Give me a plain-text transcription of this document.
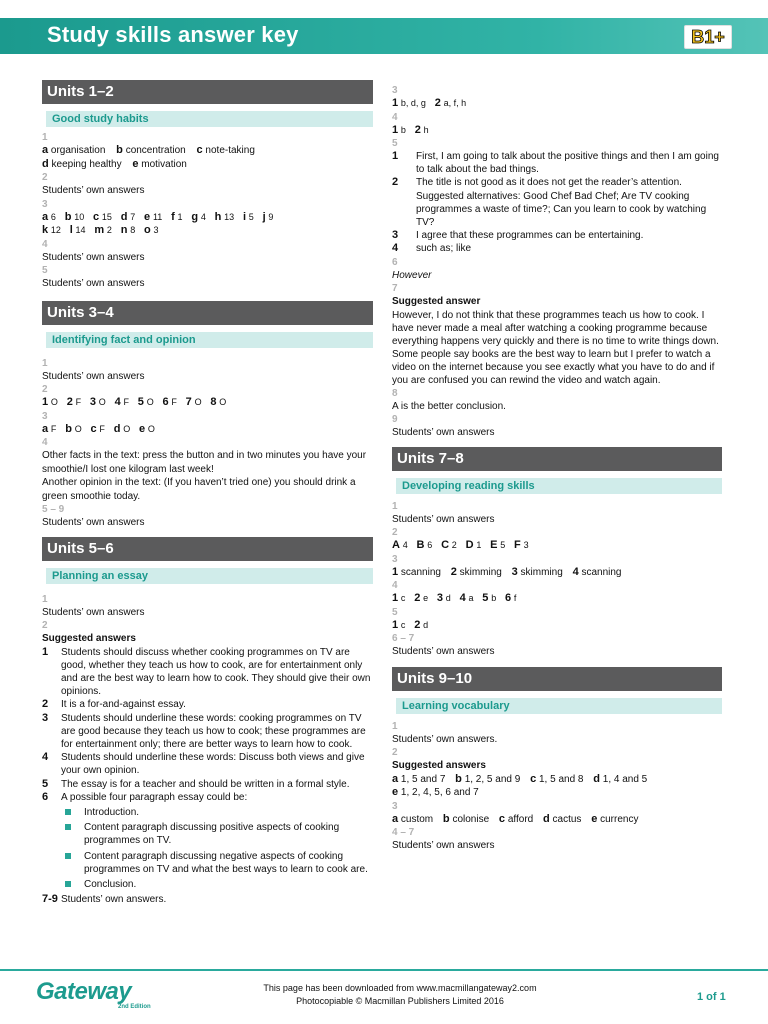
Study skills answer key	B1+
Units 1–2
Good study habits
1
a organisation b concentration c note-taking
d keeping healthy e motivation
2
Students’ own answers
3
a 6 b 10 c 15 d 7 e 11 f 1 g 4 h 13 i 5 j 9
k 12 l 14 m 2 n 8 o 3
4
Students’ own answers
5
Students’ own answers
Units 3–4
Identifying fact and opinion
1
Students’ own answers
2
1 O 2 F 3 O 4 F 5 O 6 F 7 O 8 O
3
a F b O c F d O e O
4
Other facts in the text: press the button and in two minutes you have your smoothie/I lost one kilogram last week!
Another opinion in the text: (If you haven’t tried one) you should drink a green smoothie today.
5 – 9
Students’ own answers
Units 5–6
Planning an essay
1
Students’ own answers
2
Suggested answers
1 Students should discuss whether cooking programmes on TV are good, whether they teach us how to cook, are for entertainment only and are the best way to learn how to cook. They should give their own opinions.
2 It is a for-and-against essay.
3 Students should underline these words: cooking programmes on TV are good because they teach us how to cook; these programmes are for entertainment only; there are better ways to learn how to cook.
4 Students should underline these words: Discuss both views and give your own opinion.
5 The essay is for a teacher and should be written in a formal style.
6 A possible four paragraph essay could be:
Introduction.
Content paragraph discussing positive aspects of cooking programmes on TV.
Content paragraph discussing negative aspects of cooking programmes on TV and what the best ways to learn to cook are.
Conclusion.
7-9 Students’ own answers.
3
1 b, d, g 2 a, f, h
4
1 b 2 h
5
1 First, I am going to talk about the positive things and then I am going to talk about the bad things.
2 The title is not good as it does not get the reader’s attention. Suggested alternatives: Good Chef Bad Chef; Are TV cooking programmes a waste of time?; Can you learn to cook by watching TV?
3 I agree that these programmes can be entertaining.
4 such as; like
6
However
7
Suggested answer
However, I do not think that these programmes teach us how to cook. I have never made a meal after watching a cooking programme because everything happens very quickly and there is no time to write things down. Some people say books are the best way to learn but I prefer to watch a video on the internet because you see exactly what you have to do and if you are confused you can rewind the video and watch again.
8
A is the better conclusion.
9
Students’ own answers
Units 7–8
Developing reading skills
1
Students’ own answers
2
A 4 B 6 C 2 D 1 E 5 F 3
3
1 scanning 2 skimming 3 skimming 4 scanning
4
1 c 2 e 3 d 4 a 5 b 6 f
5
1 c 2 d
6 – 7
Students’ own answers
Units 9–10
Learning vocabulary
1
Students’ own answers.
2
Suggested answers
a 1, 5 and 7 b 1, 2, 5 and 9 c 1, 5 and 8 d 1, 4 and 5
e 1, 2, 4, 5, 6 and 7
3
a custom b colonise c afford d cactus e currency
4 – 7
Students’ own answers
Gateway
2nd Edition
This page has been downloaded from www.macmillangateway2.com
Photocopiable © Macmillan Publishers Limited 2016	1 of 1
